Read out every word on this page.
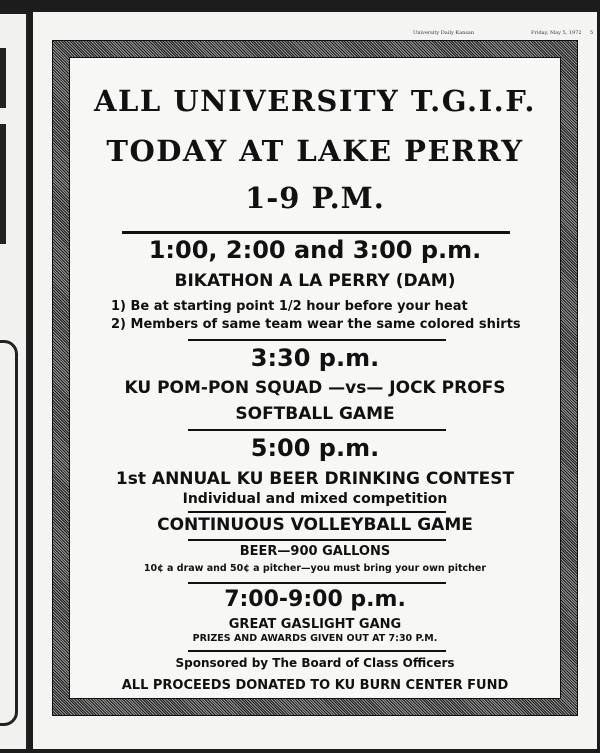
University Daily Kansan	Friday, May 5, 1972 5
ALL UNIVERSITY T.G.I.F.
TODAY AT LAKE PERRY
1-9 P.M.
1:00, 2:00 and 3:00 p.m.
BIKATHON A LA PERRY (DAM)
1) Be at starting point 1/2 hour before your heat
2) Members of same team wear the same colored shirts
3:30 p.m.
KU POM-PON SQUAD —vs— JOCK PROFS
SOFTBALL GAME
5:00 p.m.
1st ANNUAL KU BEER DRINKING CONTEST
Individual and mixed competition
CONTINUOUS VOLLEYBALL GAME
BEER—900 GALLONS
10¢ a draw and 50¢ a pitcher—you must bring your own pitcher
7:00-9:00 p.m.
GREAT GASLIGHT GANG
PRIZES AND AWARDS GIVEN OUT AT 7:30 P.M.
Sponsored by The Board of Class Officers
ALL PROCEEDS DONATED TO KU BURN CENTER FUND
